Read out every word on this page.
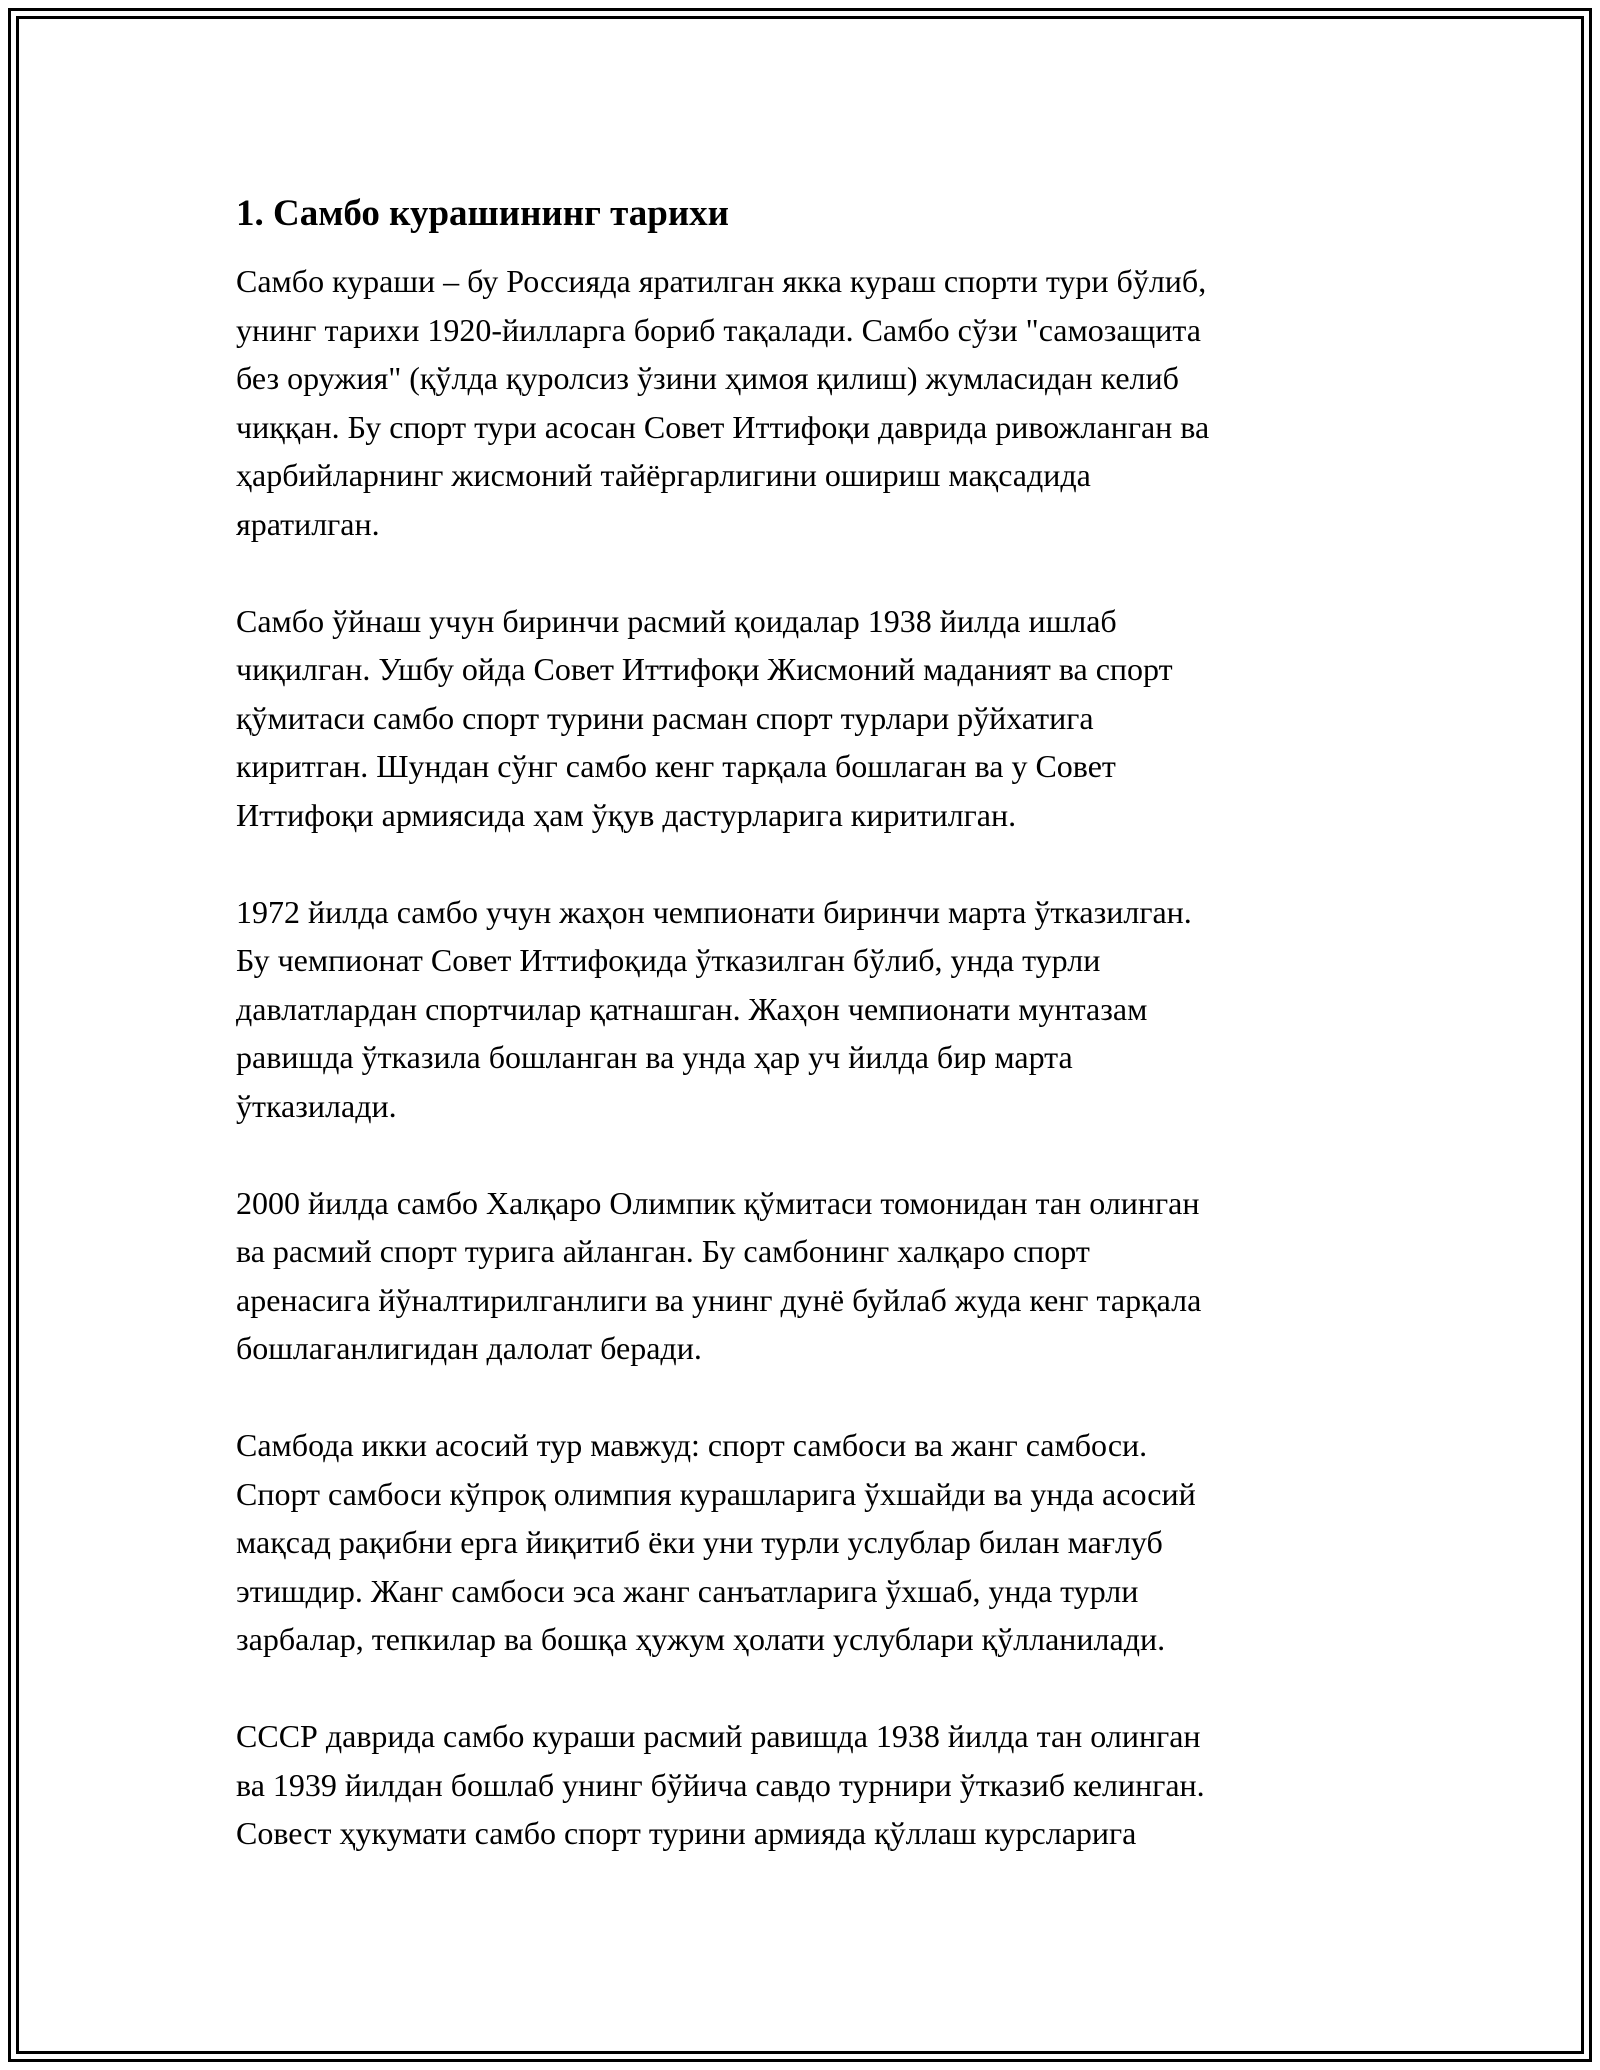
1. Самбо курашининг тарихи
Самбо кураши – бу Россияда яратилган якка кураш спорти тури бўлиб,
унинг тарихи 1920-йилларга бориб тақалади. Самбо сўзи "самозащита
без оружия" (қўлда қуролсиз ўзини ҳимоя қилиш) жумласидан келиб
чиққан. Бу спорт тури асосан Совет Иттифоқи даврида ривожланган ва
ҳарбийларнинг жисмоний тайёргарлигини ошириш мақсадида
яратилган.
Самбо ўйнаш учун биринчи расмий қоидалар 1938 йилда ишлаб
чиқилган. Ушбу ойда Совет Иттифоқи Жисмоний маданият ва спорт
қўмитаси самбо спорт турини расман спорт турлари рўйхатига
киритган. Шундан сўнг самбо кенг тарқала бошлаган ва у Совет
Иттифоқи армиясида ҳам ўқув дастурларига киритилган.
1972 йилда самбо учун жаҳон чемпионати биринчи марта ўтказилган.
Бу чемпионат Совет Иттифоқида ўтказилган бўлиб, унда турли
давлатлардан спортчилар қатнашган. Жаҳон чемпионати мунтазам
равишда ўтказила бошланган ва унда ҳар уч йилда бир марта
ўтказилади.
2000 йилда самбо Халқаро Олимпик қўмитаси томонидан тан олинган
ва расмий спорт турига айланган. Бу самбонинг халқаро спорт
аренасига йўналтирилганлиги ва унинг дунё буйлаб жуда кенг тарқала
бошлаганлигидан далолат беради.
Самбода икки асосий тур мавжуд: спорт самбоси ва жанг самбоси.
Спорт самбоси кўпроқ олимпия курашларига ўхшайди ва унда асосий
мақсад рақибни ерга йиқитиб ёки уни турли услублар билан мағлуб
этишдир. Жанг самбоси эса жанг санъатларига ўхшаб, унда турли
зарбалар, тепкилар ва бошқа ҳужум ҳолати услублари қўлланилади.
СССР даврида самбо кураши расмий равишда 1938 йилда тан олинган
ва 1939 йилдан бошлаб унинг бўйича савдо турнири ўтказиб келинган.
Совест ҳукумати самбо спорт турини армияда қўллаш курсларига
